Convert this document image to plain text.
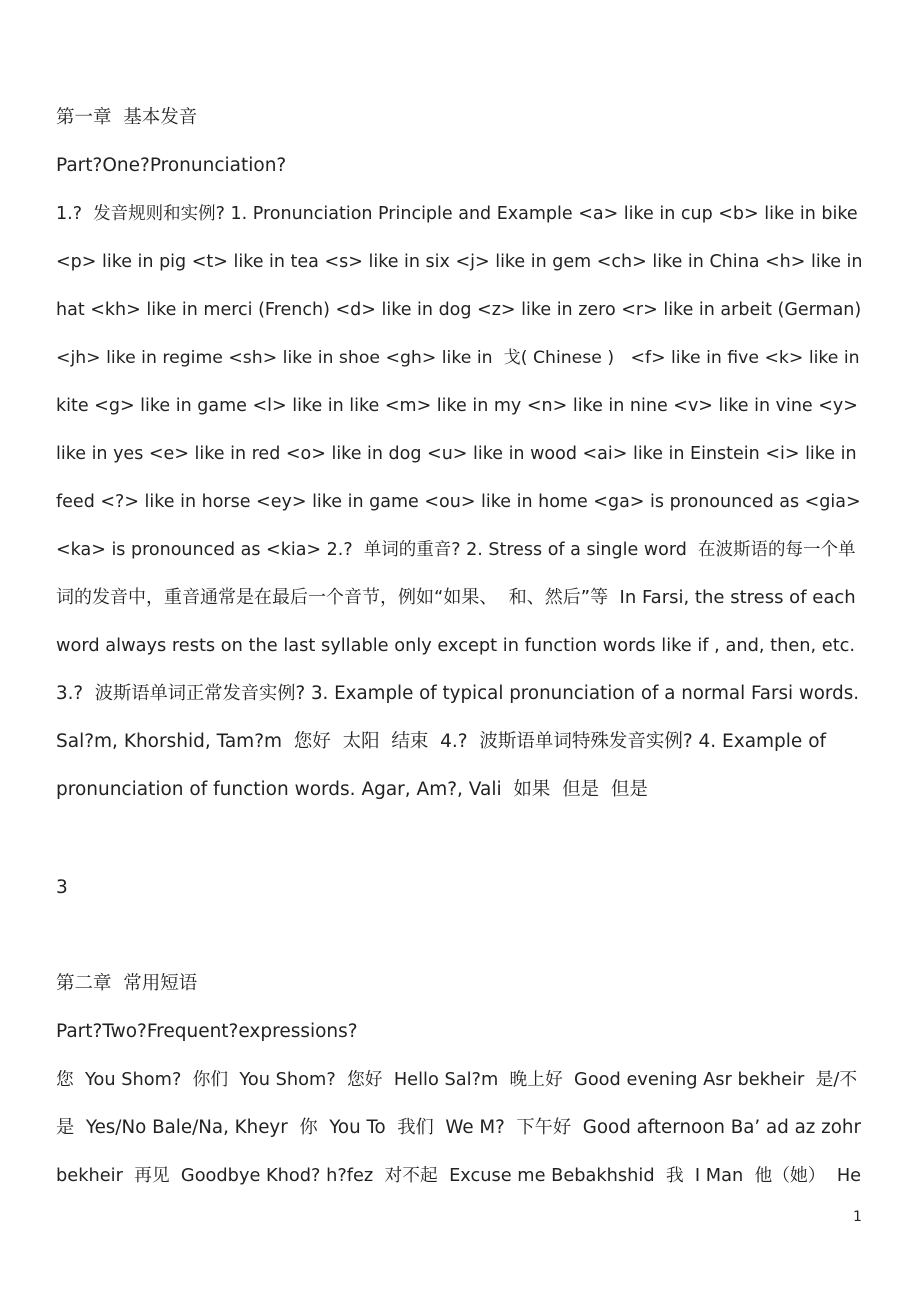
第一章  基本发音
Part?One?Pronunciation?
1.?  发音规则和实例? 1. Pronunciation Principle and Example <a> like in cup <b> like in bike
<p> like in pig <t> like in tea <s> like in six <j> like in gem <ch> like in China <h> like in
hat <kh> like in merci (French) <d> like in dog <z> like in zero <r> like in arbeit (German)
<jh> like in regime <sh> like in shoe <gh> like in  戈( Chinese )   <f> like in five <k> like in
kite <g> like in game <l> like in like <m> like in my <n> like in nine <v> like in vine <y>
like in yes <e> like in red <o> like in dog <u> like in wood <ai> like in Einstein <i> like in
feed <?> like in horse <ey> like in game <ou> like in home <ga> is pronounced as <gia>
<ka> is pronounced as <kia> 2.?  单词的重音? 2. Stress of a single word  在波斯语的每一个单
词的发音中，重音通常是在最后一个音节，例如“如果、  和、然后”等  In Farsi, the stress of each
word always rests on the last syllable only except in function words like if , and, then, etc.
3.?  波斯语单词正常发音实例? 3. Example of typical pronunciation of a normal Farsi words.
Sal?m, Khorshid, Tam?m  您好  太阳  结束  4.?  波斯语单词特殊发音实例? 4. Example of
pronunciation of function words. Agar, Am?, Vali  如果  但是  但是
3
第二章  常用短语
Part?Two?Frequent?expressions?
您  You Shom?  你们  You Shom?  您好  Hello Sal?m  晚上好  Good evening Asr bekheir  是/不
是  Yes/No Bale/Na, Kheyr  你  You To  我们  We M?  下午好  Good afternoon Ba’ ad az zohr
bekheir  再见  Goodbye Khod? h?fez  对不起  Excuse me Bebakhshid  我  I Man  他（她）  He
1
